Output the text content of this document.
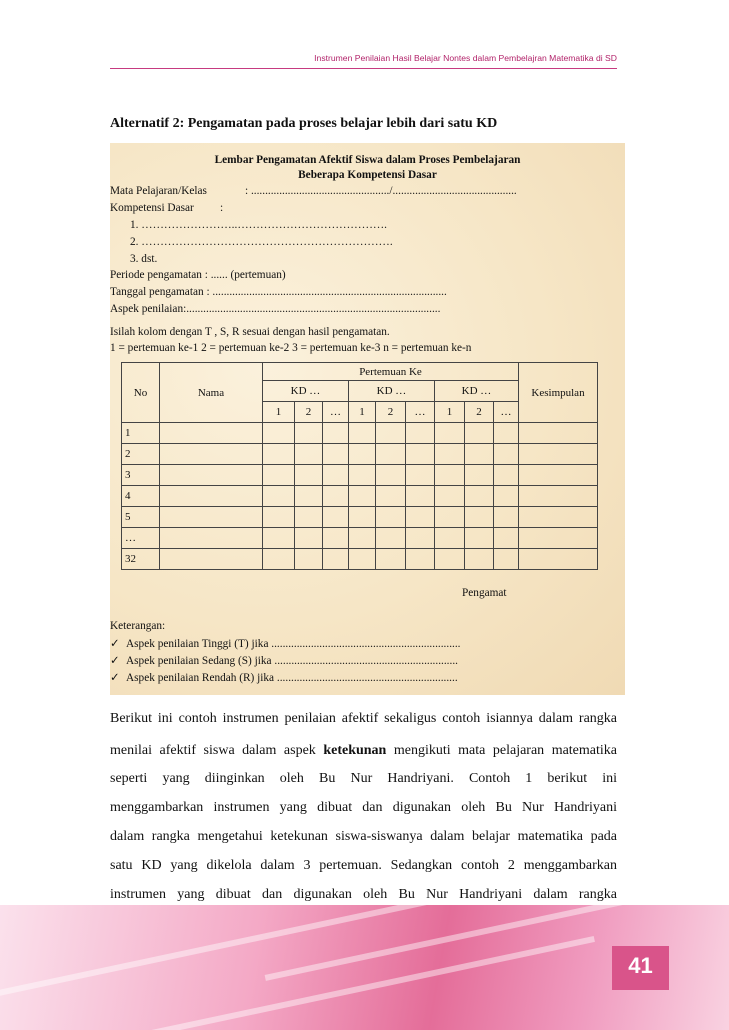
Instrumen Penilaian Hasil Belajar Nontes dalam Pembelajran Matematika di SD
Alternatif 2: Pengamatan pada proses belajar lebih dari satu KD
Lembar Pengamatan Afektif Siswa dalam Proses Pembelajaran
Beberapa Kompetensi Dasar
Mata Pelajaran/Kelas	: ................................................./............................................
Kompetensi Dasar :
1. ……………………..………………………………….
2. ………………………………………………………….
3. dst.
Periode pengamatan : ...... (pertemuan)
Tanggal pengamatan : ...................................................................................
Aspek penilaian:..........................................................................................
Isilah kolom dengan T , S, R sesuai dengan hasil pengamatan.
1 = pertemuan ke-1 2 = pertemuan ke-2 3 = pertemuan ke-3 n = pertemuan ke-n
Pengamat
Keterangan:
✓ Aspek penilaian Tinggi (T) jika ...................................................................
✓ Aspek penilaian Sedang (S) jika .................................................................
✓ Aspek penilaian Rendah (R) jika ................................................................
No	Nama	Pertemuan Ke									Kesimpulan
		KD …			KD …			KD …			
		1	2	…	1	2	…	1	2	…	
1											
2											
3											
4											
5											
…											
32											
Berikut ini contoh instrumen penilaian afektif sekaligus contoh isiannya dalam rangka
menilai afektif siswa dalam aspek ketekunan mengikuti mata pelajaran matematika
seperti yang diinginkan oleh Bu Nur Handriyani. Contoh 1 berikut ini
menggambarkan instrumen yang dibuat dan digunakan oleh Bu Nur Handriyani
dalam rangka mengetahui ketekunan siswa-siswanya dalam belajar matematika pada
satu KD yang dikelola dalam 3 pertemuan. Sedangkan contoh 2 menggambarkan
instrumen yang dibuat dan digunakan oleh Bu Nur Handriyani dalam rangka
41
